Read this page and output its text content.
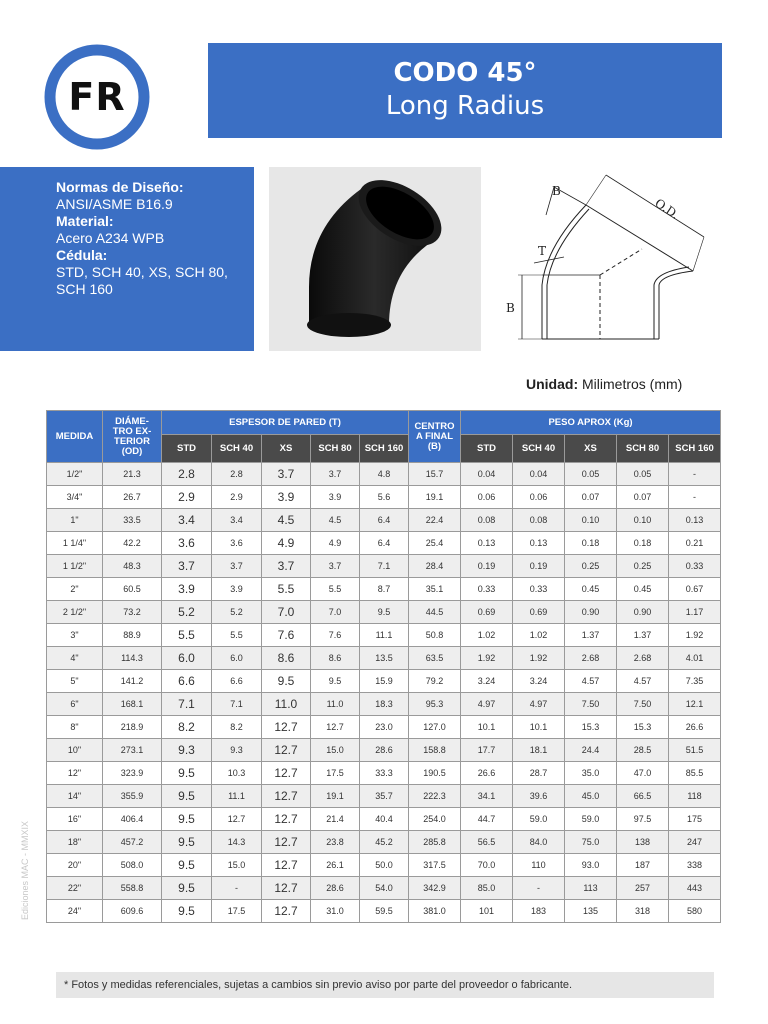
FR
CODO 45°
Long Radius
Normas de Diseño:
ANSI/ASME B16.9
Material:
Acero A234 WPB
Cédula:
STD, SCH 40, XS, SCH 80, SCH 160
B
O.D.
T
B
Unidad: Milimetros (mm)
MEDIDA	DIÁME-TRO EX-TERIOR (OD)	ESPESOR DE PARED (T)					CENTRO A FINAL (B)	PESO APROX (Kg)				
		STD	SCH 40	XS	SCH 80	SCH 160		STD	SCH 40	XS	SCH 80	SCH 160
1/2"	21.3	2.8	2.8	3.7	3.7	4.8	15.7	0.04	0.04	0.05	0.05	-
3/4"	26.7	2.9	2.9	3.9	3.9	5.6	19.1	0.06	0.06	0.07	0.07	-
1"	33.5	3.4	3.4	4.5	4.5	6.4	22.4	0.08	0.08	0.10	0.10	0.13
1 1/4"	42.2	3.6	3.6	4.9	4.9	6.4	25.4	0.13	0.13	0.18	0.18	0.21
1 1/2"	48.3	3.7	3.7	3.7	3.7	7.1	28.4	0.19	0.19	0.25	0.25	0.33
2"	60.5	3.9	3.9	5.5	5.5	8.7	35.1	0.33	0.33	0.45	0.45	0.67
2 1/2"	73.2	5.2	5.2	7.0	7.0	9.5	44.5	0.69	0.69	0.90	0.90	1.17
3"	88.9	5.5	5.5	7.6	7.6	11.1	50.8	1.02	1.02	1.37	1.37	1.92
4"	114.3	6.0	6.0	8.6	8.6	13.5	63.5	1.92	1.92	2.68	2.68	4.01
5"	141.2	6.6	6.6	9.5	9.5	15.9	79.2	3.24	3.24	4.57	4.57	7.35
6"	168.1	7.1	7.1	11.0	11.0	18.3	95.3	4.97	4.97	7.50	7.50	12.1
8"	218.9	8.2	8.2	12.7	12.7	23.0	127.0	10.1	10.1	15.3	15.3	26.6
10"	273.1	9.3	9.3	12.7	15.0	28.6	158.8	17.7	18.1	24.4	28.5	51.5
12"	323.9	9.5	10.3	12.7	17.5	33.3	190.5	26.6	28.7	35.0	47.0	85.5
14"	355.9	9.5	11.1	12.7	19.1	35.7	222.3	34.1	39.6	45.0	66.5	118
16"	406.4	9.5	12.7	12.7	21.4	40.4	254.0	44.7	59.0	59.0	97.5	175
18"	457.2	9.5	14.3	12.7	23.8	45.2	285.8	56.5	84.0	75.0	138	247
20"	508.0	9.5	15.0	12.7	26.1	50.0	317.5	70.0	110	93.0	187	338
22"	558.8	9.5	-	12.7	28.6	54.0	342.9	85.0	-	113	257	443
24"	609.6	9.5	17.5	12.7	31.0	59.5	381.0	101	183	135	318	580
* Fotos y medidas referenciales, sujetas a cambios sin previo aviso por parte del proveedor o fabricante.
Ediciones MAC - MMXIX
